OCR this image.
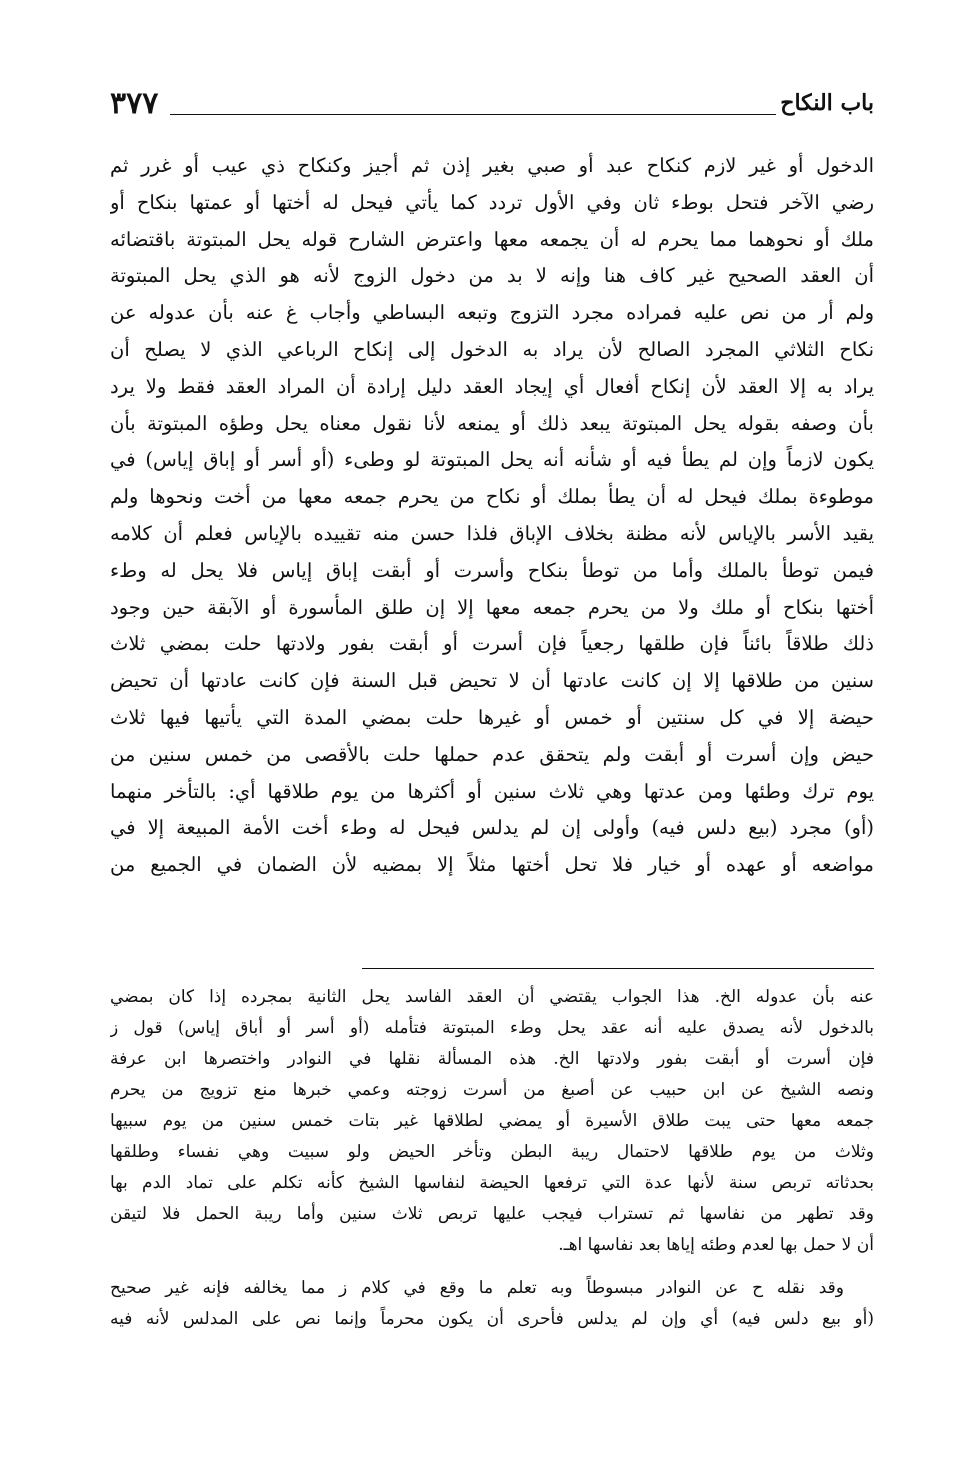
باب النكاح
٣٧٧
الدخول أو غير لازم كنكاح عبد أو صبي بغير إذن ثم أجيز وكنكاح ذي عيب أو غرر ثم
رضي الآخر فتحل بوطء ثان وفي الأول تردد كما يأتي فيحل له أختها أو عمتها بنكاح أو
ملك أو نحوهما مما يحرم له أن يجمعه معها واعترض الشارح قوله يحل المبتوتة باقتضائه
أن العقد الصحيح غير كاف هنا وإنه لا بد من دخول الزوج لأنه هو الذي يحل المبتوتة
ولم أر من نص عليه فمراده مجرد التزوج وتبعه البساطي وأجاب غ عنه بأن عدوله عن
نكاح الثلاثي المجرد الصالح لأن يراد به الدخول إلى إنكاح الرباعي الذي لا يصلح أن
يراد به إلا العقد لأن إنكاح أفعال أي إيجاد العقد دليل إرادة أن المراد العقد فقط ولا يرد
بأن وصفه بقوله يحل المبتوتة يبعد ذلك أو يمنعه لأنا نقول معناه يحل وطؤه المبتوتة بأن
يكون لازماً وإن لم يطأ فيه أو شأنه أنه يحل المبتوتة لو وطىء (أو أسر أو إباق إياس) في
موطوءة بملك فيحل له أن يطأ بملك أو نكاح من يحرم جمعه معها من أخت ونحوها ولم
يقيد الأسر بالإياس لأنه مظنة بخلاف الإباق فلذا حسن منه تقييده بالإياس فعلم أن كلامه
فيمن توطأ بالملك وأما من توطأ بنكاح وأسرت أو أبقت إباق إياس فلا يحل له وطء
أختها بنكاح أو ملك ولا من يحرم جمعه معها إلا إن طلق المأسورة أو الآبقة حين وجود
ذلك طلاقاً بائناً فإن طلقها رجعياً فإن أسرت أو أبقت بفور ولادتها حلت بمضي ثلاث
سنين من طلاقها إلا إن كانت عادتها أن لا تحيض قبل السنة فإن كانت عادتها أن تحيض
حيضة إلا في كل سنتين أو خمس أو غيرها حلت بمضي المدة التي يأتيها فيها ثلاث
حيض وإن أسرت أو أبقت ولم يتحقق عدم حملها حلت بالأقصى من خمس سنين من
يوم ترك وطئها ومن عدتها وهي ثلاث سنين أو أكثرها من يوم طلاقها أي: بالتأخر منهما
(أو) مجرد (بيع دلس فيه) وأولى إن لم يدلس فيحل له وطء أخت الأمة المبيعة إلا في
مواضعه أو عهده أو خيار فلا تحل أختها مثلاً إلا بمضيه لأن الضمان في الجميع من
عنه بأن عدوله الخ. هذا الجواب يقتضي أن العقد الفاسد يحل الثانية بمجرده إذا كان بمضي
بالدخول لأنه يصدق عليه أنه عقد يحل وطء المبتوتة فتأمله (أو أسر أو أباق إياس) قول ز
فإن أسرت أو أبقت بفور ولادتها الخ. هذه المسألة نقلها في النوادر واختصرها ابن عرفة
ونصه الشيخ عن ابن حبيب عن أصبغ من أسرت زوجته وعمي خبرها منع تزويج من يحرم
جمعه معها حتى يبت طلاق الأسيرة أو يمضي لطلاقها غير بتات خمس سنين من يوم سبيها
وثلاث من يوم طلاقها لاحتمال ريبة البطن وتأخر الحيض ولو سبيت وهي نفساء وطلقها
بحدثاته تربص سنة لأنها عدة التي ترفعها الحيضة لنفاسها الشيخ كأنه تكلم على تماد الدم بها
وقد تطهر من نفاسها ثم تستراب فيجب عليها تربص ثلاث سنين وأما ريبة الحمل فلا لتيقن
أن لا حمل بها لعدم وطئه إياها بعد نفاسها اهـ.
وقد نقله ح عن النوادر مبسوطاً وبه تعلم ما وقع في كلام ز مما يخالفه فإنه غير صحيح
(أو بيع دلس فيه) أي وإن لم يدلس فأحرى أن يكون محرماً وإنما نص على المدلس لأنه فيه
